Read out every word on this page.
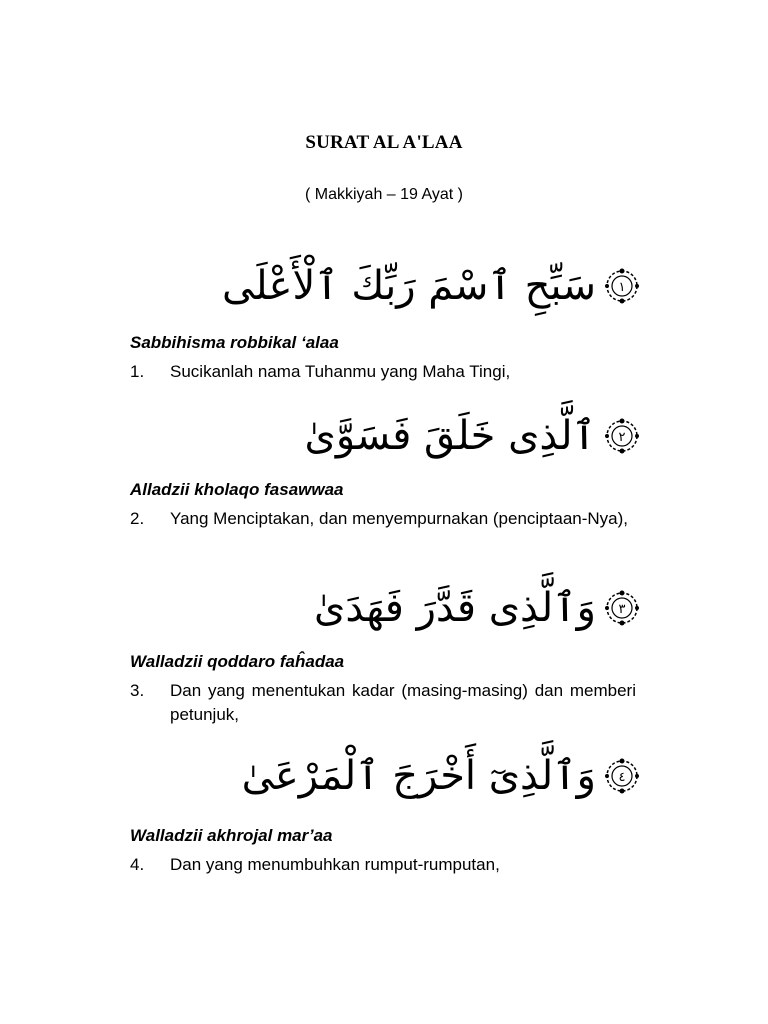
SURAT AL A'LAA
( Makkiyah – 19 Ayat )
سَبِّحِ ٱسْمَ رَبِّكَ ٱلْأَعْلَى ١
Sabbihisma robbikal ‘alaa
1.	Sucikanlah nama Tuhanmu yang Maha Tingi,
ٱلَّذِى خَلَقَ فَسَوَّىٰ ٢
Alladzii kholaqo fasawwaa
2.	Yang Menciptakan, dan menyempurnakan (penciptaan-Nya),
وَٱلَّذِى قَدَّرَ فَهَدَىٰ ٣
Walladzii qoddaro faĥadaa
3.	Dan yang menentukan kadar (masing-masing) dan memberi petunjuk,
وَٱلَّذِىٓ أَخْرَجَ ٱلْمَرْعَىٰ ٤
Walladzii akhrojal mar’aa
4.	Dan yang menumbuhkan rumput-rumputan,
